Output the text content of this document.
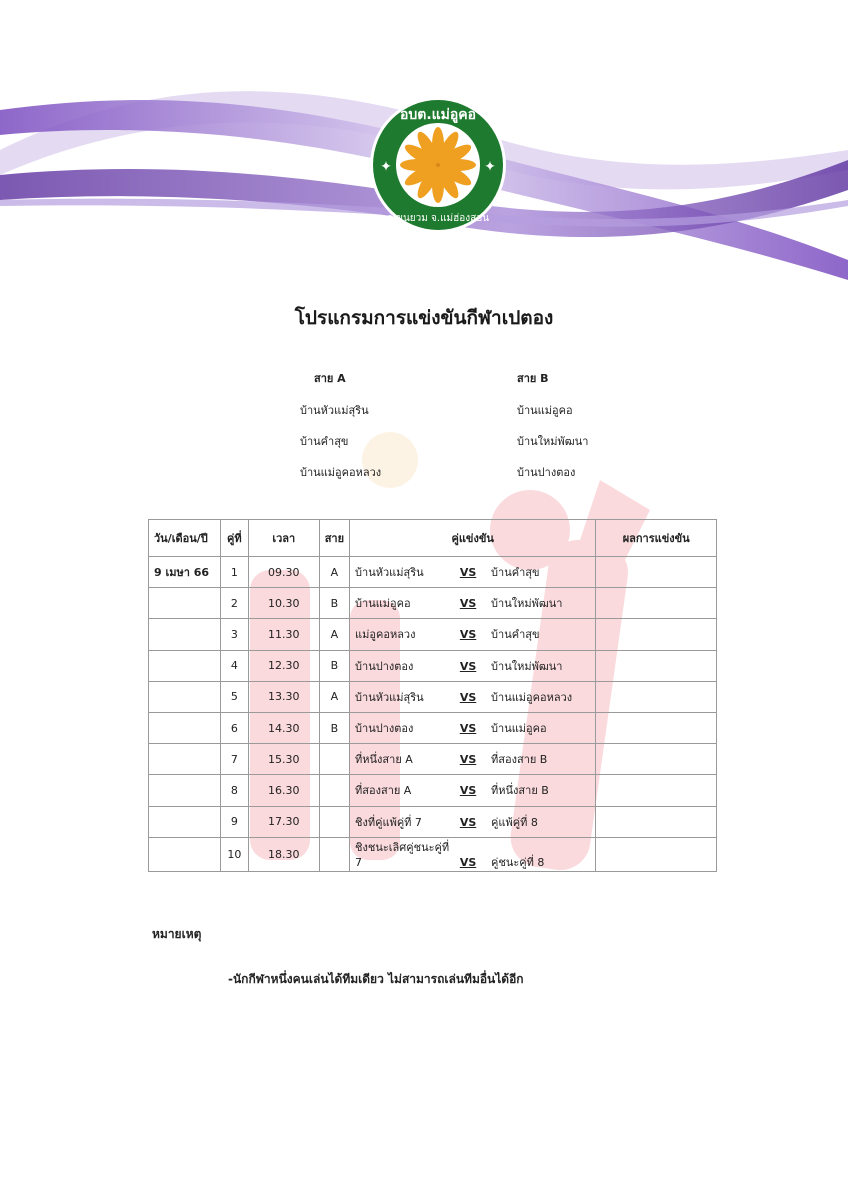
✦	✦
อบต.แม่อูคอ
อ.ขุนยวม จ.แม่ฮ่องสอน
โปรแกรมการแข่งขันกีฬาเปตอง
สาย A
บ้านหัวแม่สุริน
บ้านคำสุข
บ้านแม่อูคอหลวง
สาย B
บ้านแม่อูคอ
บ้านใหม่พัฒนา
บ้านปางตอง
วัน/เดือน/ปี	คู่ที่	เวลา	สาย	คู่แข่งขัน	ผลการแข่งขัน
9 เมษา 66	1	09.30	A	บ้านหัวแม่สุริน VS บ้านคำสุข	
	2	10.30	B	บ้านแม่อูคอ VS บ้านใหม่พัฒนา	
	3	11.30	A	แม่อูคอหลวง VS บ้านคำสุข	
	4	12.30	B	บ้านปางตอง VS บ้านใหม่พัฒนา	
	5	13.30	A	บ้านหัวแม่สุริน VS บ้านแม่อูคอหลวง	
	6	14.30	B	บ้านปางตอง VS บ้านแม่อูคอ	
	7	15.30		ที่หนึ่งสาย A VS ที่สองสาย B	
	8	16.30		ที่สองสาย A VS ที่หนึ่งสาย B	
	9	17.30		ชิงที่คู่แพ้คู่ที่ 7 VS คู่แพ้คู่ที่ 8	
	10	18.30		ชิงชนะเลิศคู่ชนะคู่ที่ 7 VS คู่ชนะคู่ที่ 8	
หมายเหตุ
-นักกีฬาหนึ่งคนเล่นได้ทีมเดียว ไม่สามารถเล่นทีมอื่นได้อีก
